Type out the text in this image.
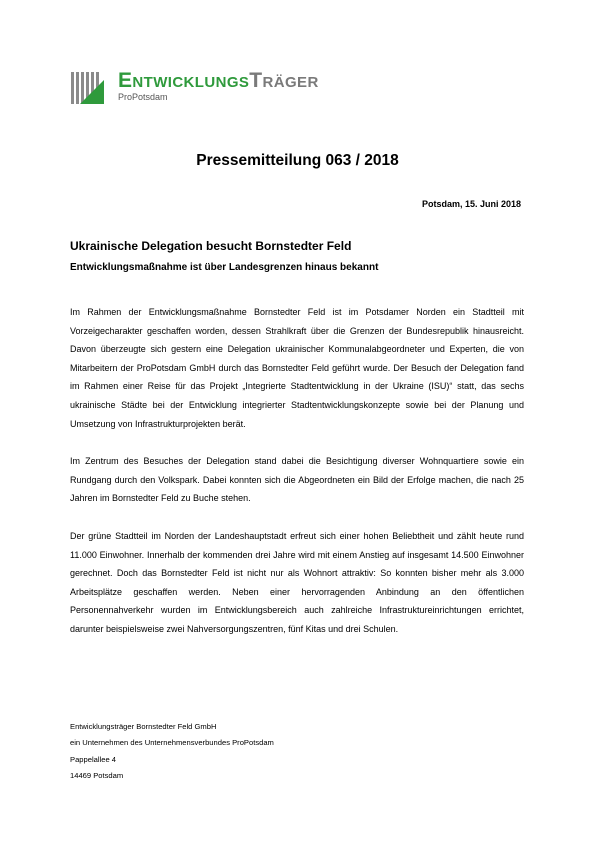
EntwicklungsTräger
ProPotsdam
Pressemitteilung 063 / 2018
Potsdam, 15. Juni 2018
Ukrainische Delegation besucht Bornstedter Feld
Entwicklungsmaßnahme ist über Landesgrenzen hinaus bekannt

Im Rahmen der Entwicklungsmaßnahme Bornstedter Feld ist im Potsdamer Norden ein Stadtteil mit Vorzeigecharakter geschaffen worden, dessen Strahlkraft über die Grenzen der Bundesrepublik hinausreicht. Davon überzeugte sich gestern eine Delegation ukrainischer Kommunalabgeordneter und Experten, die von Mitarbeitern der ProPotsdam GmbH durch das Bornstedter Feld geführt wurde. Der Besuch der Delegation fand im Rahmen einer Reise für das Projekt „Integrierte Stadtentwicklung in der Ukraine (ISU)“ statt, das sechs ukrainische Städte bei der Entwicklung integrierter Stadtentwicklungskonzepte sowie bei der Planung und Umsetzung von Infrastrukturprojekten berät.

Im Zentrum des Besuches der Delegation stand dabei die Besichtigung diverser Wohnquartiere sowie ein Rundgang durch den Volkspark. Dabei konnten sich die Abgeordneten ein Bild der Erfolge machen, die nach 25 Jahren im Bornstedter Feld zu Buche stehen.

Der grüne Stadtteil im Norden der Landeshauptstadt erfreut sich einer hohen Beliebtheit und zählt heute rund 11.000 Einwohner. Innerhalb der kommenden drei Jahre wird mit einem Anstieg auf insgesamt 14.500 Einwohner gerechnet. Doch das Bornstedter Feld ist nicht nur als Wohnort attraktiv: So konnten bisher mehr als 3.000 Arbeitsplätze geschaffen werden. Neben einer hervorragenden Anbindung an den öffentlichen Personennahverkehr wurden im Entwicklungsbereich auch zahlreiche Infrastruktureinrichtungen errichtet, darunter beispielsweise zwei Nahversorgungszentren, fünf Kitas und drei Schulen.

Entwicklungsträger Bornstedter Feld GmbH
ein Unternehmen des Unternehmensverbundes ProPotsdam
Pappelallee 4
14469 Potsdam
